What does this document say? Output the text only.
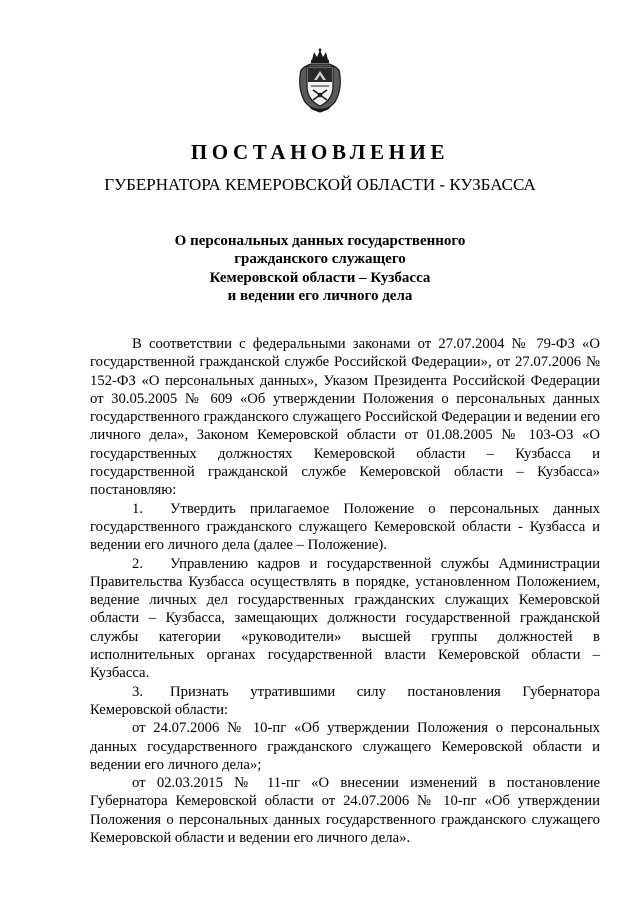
ПОСТАНОВЛЕНИЕ
ГУБЕРНАТОРА КЕМЕРОВСКОЙ ОБЛАСТИ - КУЗБАССА
О персональных данных государственного
гражданского служащего
Кемеровской области – Кузбасса
и ведении его личного дела

В соответствии с федеральными законами от 27.07.2004 № 79-ФЗ «О государственной гражданской службе Российской Федерации», от 27.07.2006 № 152-ФЗ «О персональных данных», Указом Президента Российской Федерации от 30.05.2005 № 609 «Об утверждении Положения о персональных данных государственного гражданского служащего Российской Федерации и ведении его личного дела», Законом Кемеровской области от 01.08.2005 № 103-ОЗ «О государственных должностях Кемеровской области – Кузбасса и государственной гражданской службе Кемеровской области – Кузбасса» постановляю:

1. Утвердить прилагаемое Положение о персональных данных государственного гражданского служащего Кемеровской области - Кузбасса и ведении его личного дела (далее – Положение).

2. Управлению кадров и государственной службы Администрации Правительства Кузбасса осуществлять в порядке, установленном Положением, ведение личных дел государственных гражданских служащих Кемеровской области – Кузбасса, замещающих должности государственной гражданской службы категории «руководители» высшей группы должностей в исполнительных органах государственной власти Кемеровской области – Кузбасса.

3. Признать утратившими силу постановления Губернатора Кемеровской области:

от 24.07.2006 № 10-пг «Об утверждении Положения о персональных данных государственного гражданского служащего Кемеровской области и ведении его личного дела»;

от 02.03.2015 № 11-пг «О внесении изменений в постановление Губернатора Кемеровской области от 24.07.2006 № 10-пг «Об утверждении Положения о персональных данных государственного гражданского служащего Кемеровской области и ведении его личного дела».
